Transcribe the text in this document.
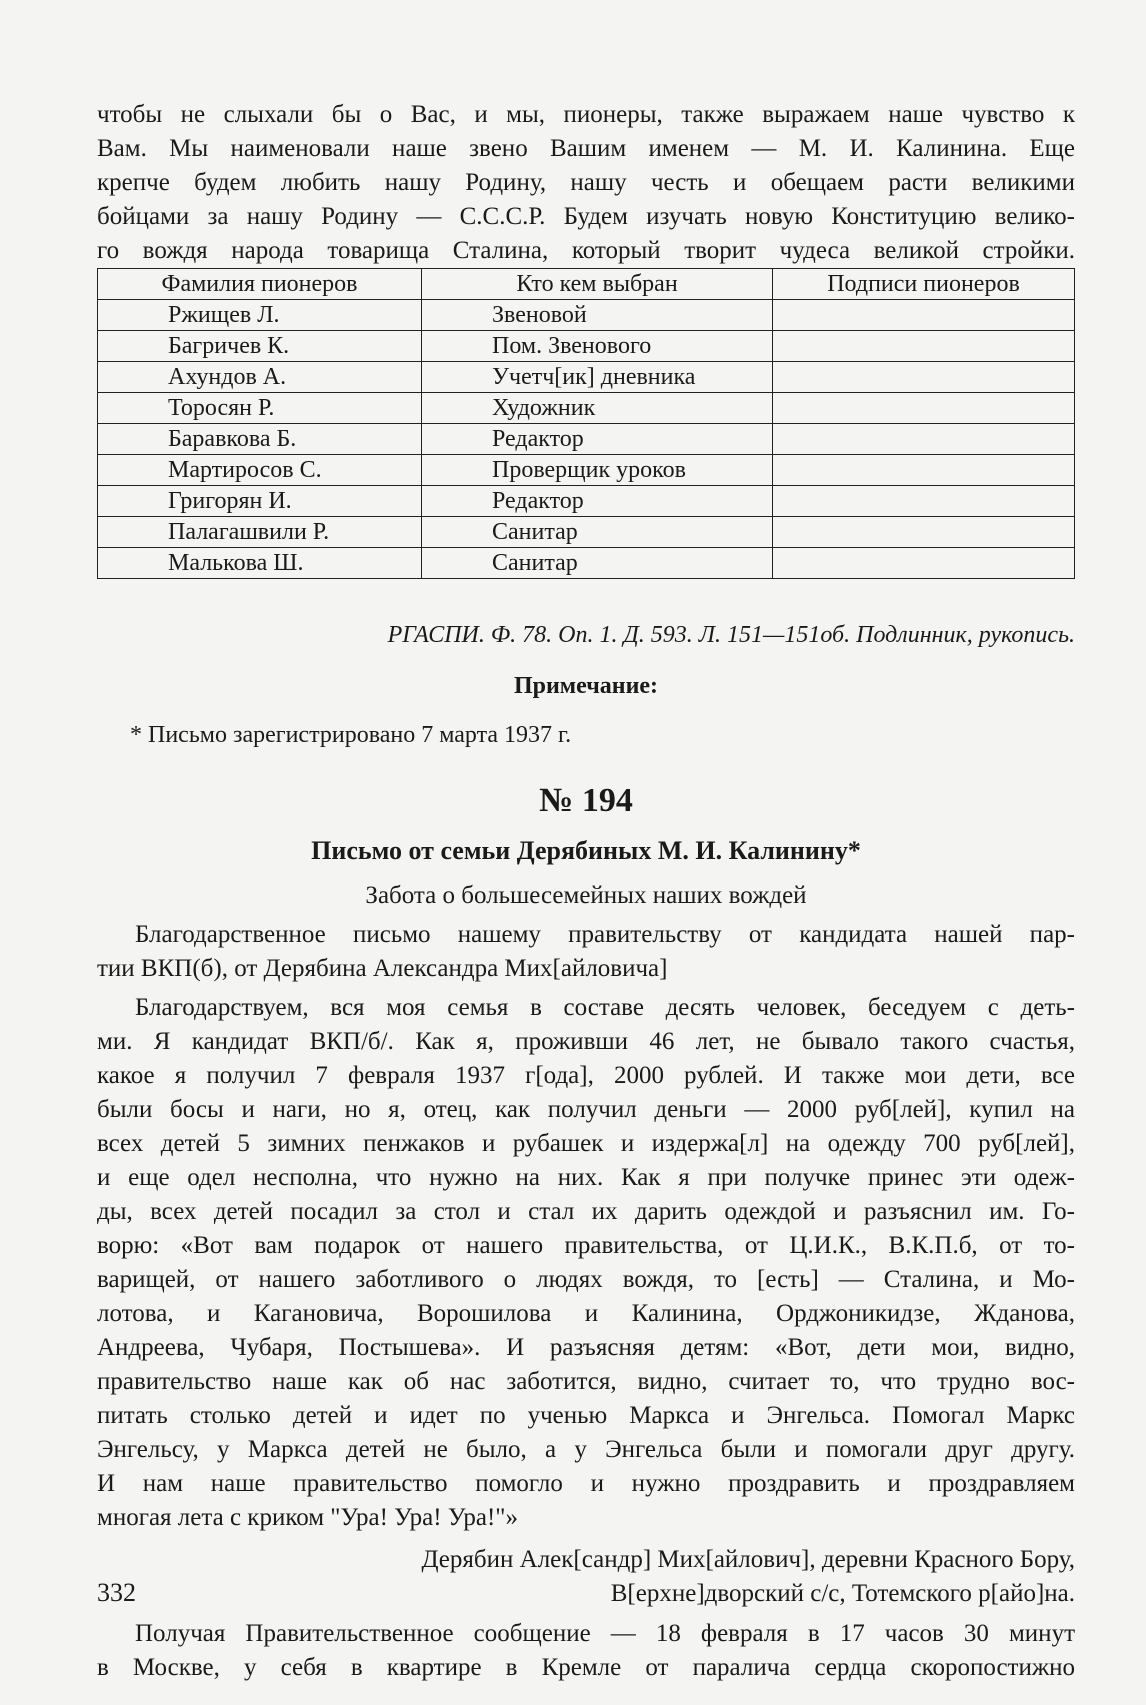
чтобы не слыхали бы о Вас, и мы, пионеры, также выражаем наше чувство к
Вам. Мы наименовали наше звено Вашим именем — М. И. Калинина. Еще
крепче будем любить нашу Родину, нашу честь и обещаем расти великими
бойцами за нашу Родину — С.С.С.Р. Будем изучать новую Конституцию велико-
го вождя народа товарища Сталина, который творит чудеса великой стройки.
Фамилия пионеров	Кто кем выбран	Подписи пионеров
Ржищев Л.	Звеновой	
Багричев К.	Пом. Звенового	
Ахундов А.	Учетч[ик] дневника	
Торосян Р.	Художник	
Баравкова Б.	Редактор	
Мартиросов С.	Проверщик уроков	
Григорян И.	Редактор	
Палагашвили Р.	Санитар	
Малькова Ш.	Санитар	
РГАСПИ. Ф. 78. Оп. 1. Д. 593. Л. 151—151об. Подлинник, рукопись.
Примечание:
* Письмо зарегистрировано 7 марта 1937 г.
№ 194
Письмо от семьи Дерябиных М. И. Калинину*
Забота о большесемейных наших вождей
Благодарственное письмо нашему правительству от кандидата нашей пар-
тии ВКП(б), от Дерябина Александра Мих[айловича]
Благодарствуем, вся моя семья в составе десять человек, беседуем с деть-
ми. Я кандидат ВКП/б/. Как я, проживши 46 лет, не бывало такого счастья,
какое я получил 7 февраля 1937 г[ода], 2000 рублей. И также мои дети, все
были босы и наги, но я, отец, как получил деньги — 2000 руб[лей], купил на
всех детей 5 зимних пенжаков и рубашек и издержа[л] на одежду 700 руб[лей],
и еще одел несполна, что нужно на них. Как я при получке принес эти одеж-
ды, всех детей посадил за стол и стал их дарить одеждой и разъяснил им. Го-
ворю: «Вот вам подарок от нашего правительства, от Ц.И.К., В.К.П.б, от то-
варищей, от нашего заботливого о людях вождя, то [есть] — Сталина, и Мо-
лотова, и Кагановича, Ворошилова и Калинина, Орджоникидзе, Жданова,
Андреева, Чубаря, Постышева». И разъясняя детям: «Вот, дети мои, видно,
правительство наше как об нас заботится, видно, считает то, что трудно вос-
питать столько детей и идет по ученью Маркса и Энгельса. Помогал Маркс
Энгельсу, у Маркса детей не было, а у Энгельса были и помогали друг другу.
И нам наше правительство помогло и нужно проздравить и проздравляем
многая лета с криком "Ура! Ура! Ура!"»
Дерябин Алек[сандр] Мих[айлович], деревни Красного Бору,
В[ерхне]дворский с/с, Тотемского р[айо]на.
Получая Правительственное сообщение — 18 февраля в 17 часов 30 минут
в Москве, у себя в квартире в Кремле от паралича сердца скоропостижно
332
